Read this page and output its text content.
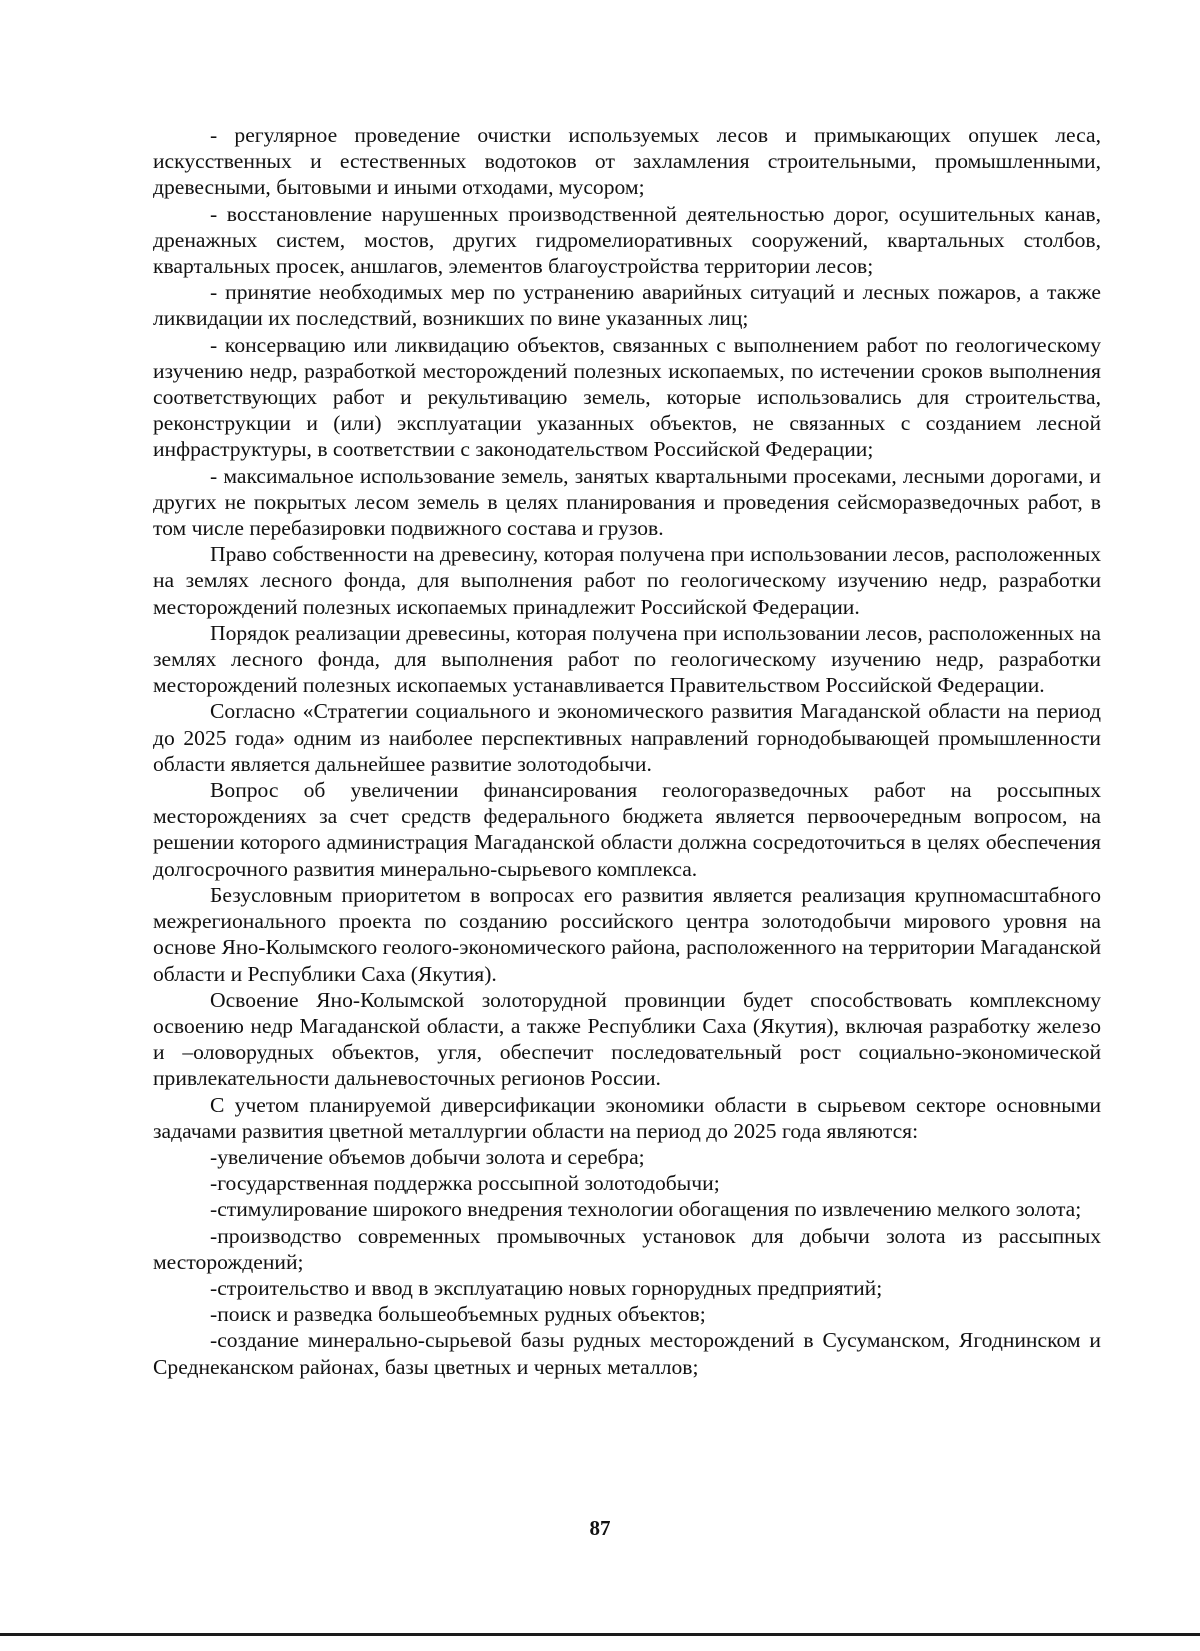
- регулярное проведение очистки используемых лесов и примыкающих опушек леса, искусственных и естественных водотоков от захламления строительными, промышленными, древесными, бытовыми и иными отходами, мусором;

- восстановление нарушенных производственной деятельностью дорог, осушительных канав, дренажных систем, мостов, других гидромелиоративных сооружений, квартальных столбов, квартальных просек, аншлагов, элементов благоустройства территории лесов;

- принятие необходимых мер по устранению аварийных ситуаций и лесных пожаров, а также ликвидации их последствий, возникших по вине указанных лиц;

- консервацию или ликвидацию объектов, связанных с выполнением работ по геологическому изучению недр, разработкой месторождений полезных ископаемых, по истечении сроков выполнения соответствующих работ и рекультивацию земель, которые использовались для строительства, реконструкции и (или) эксплуатации указанных объектов, не связанных с созданием лесной инфраструктуры, в соответствии с законодательством Российской Федерации;

- максимальное использование земель, занятых квартальными просеками, лесными дорогами, и других не покрытых лесом земель в целях планирования и проведения сейсморазведочных работ, в том числе перебазировки подвижного состава и грузов.

Право собственности на древесину, которая получена при использовании лесов, расположенных на землях лесного фонда, для выполнения работ по геологическому изучению недр, разработки месторождений полезных ископаемых принадлежит Российской Федерации.

Порядок реализации древесины, которая получена при использовании лесов, расположенных на землях лесного фонда, для выполнения работ по геологическому изучению недр, разработки месторождений полезных ископаемых устанавливается Правительством Российской Федерации.

Согласно «Стратегии социального и экономического развития Магаданской области на период до 2025 года» одним из наиболее перспективных направлений горнодобывающей промышленности области является дальнейшее развитие золотодобычи.

Вопрос об увеличении финансирования геологоразведочных работ на россыпных месторождениях за счет средств федерального бюджета является первоочередным вопросом, на решении которого администрация Магаданской области должна сосредоточиться в целях обеспечения долгосрочного развития минерально-сырьевого комплекса.

Безусловным приоритетом в вопросах его развития является реализация крупномасштабного межрегионального проекта по созданию российского центра золотодобычи мирового уровня на основе Яно-Колымского геолого-экономического района, расположенного на территории Магаданской области и Республики Саха (Якутия).

Освоение Яно-Колымской золоторудной провинции будет способствовать комплексному освоению недр Магаданской области, а также Республики Саха (Якутия), включая разработку железо и –оловорудных объектов, угля, обеспечит последовательный рост социально-экономической привлекательности дальневосточных регионов России.

С учетом планируемой диверсификации экономики области в сырьевом секторе основными задачами развития цветной металлургии области на период до 2025 года являются:

-увеличение объемов добычи золота и серебра;

-государственная поддержка россыпной золотодобычи;

-стимулирование широкого внедрения технологии обогащения по извлечению мелкого золота;

-производство современных промывочных установок для добычи золота из рассыпных месторождений;

-строительство и ввод в эксплуатацию новых горнорудных предприятий;

-поиск и разведка большеобъемных рудных объектов;

-создание минерально-сырьевой базы рудных месторождений в Сусуманском, Ягоднинском и Среднеканском районах, базы цветных и черных металлов;

87
